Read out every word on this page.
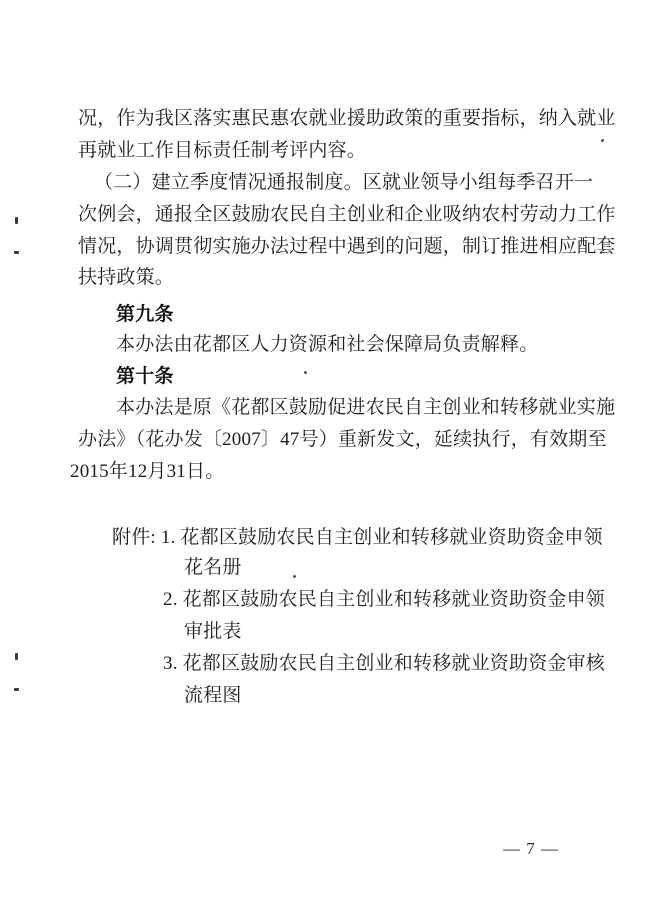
况，作为我区落实惠民惠农就业援助政策的重要指标，纳入就业
再就业工作目标责任制考评内容。
（二）建立季度情况通报制度。区就业领导小组每季召开一
次例会，通报全区鼓励农民自主创业和企业吸纳农村劳动力工作
情况，协调贯彻实施办法过程中遇到的问题，制订推进相应配套
扶持政策。
第九条
本办法由花都区人力资源和社会保障局负责解释。
第十条
本办法是原《花都区鼓励促进农民自主创业和转移就业实施
办法》（花办发〔2007〕47号）重新发文，延续执行，有效期至
2015年12月31日。
附件: 1. 花都区鼓励农民自主创业和转移就业资助资金申领
花名册
2. 花都区鼓励农民自主创业和转移就业资助资金申领
审批表
3. 花都区鼓励农民自主创业和转移就业资助资金审核
流程图
— 7 —
